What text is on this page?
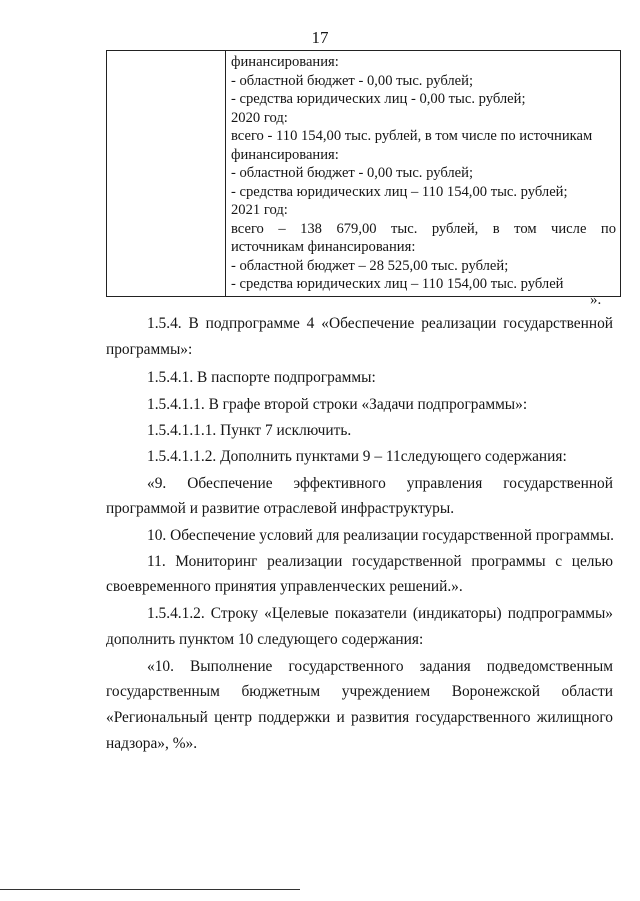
17

финансирования:
- областной бюджет - 0,00 тыс. рублей;
- средства юридических лиц - 0,00 тыс. рублей;
2020 год:
всего - 110 154,00 тыс. рублей, в том числе по источникам
финансирования:
- областной бюджет - 0,00 тыс. рублей;
- средства юридических лиц – 110 154,00 тыс. рублей;
2021 год:
всего – 138 679,00 тыс. рублей, в том числе по
источникам финансирования:
- областной бюджет – 28 525,00 тыс. рублей;
- средства юридических лиц – 110 154,00 тыс. рублей
».
1.5.4. В подпрограмме 4 «Обеспечение реализации государственной
программы»:
1.5.4.1. В паспорте подпрограммы:
1.5.4.1.1. В графе второй строки «Задачи подпрограммы»:
1.5.4.1.1.1. Пункт 7 исключить.
1.5.4.1.1.2. Дополнить пунктами 9 – 11следующего содержания:
«9. Обеспечение эффективного управления государственной
программой и развитие отраслевой инфраструктуры.
10. Обеспечение условий для реализации государственной программы.
11. Мониторинг реализации государственной программы с целью
своевременного принятия управленческих решений.».
1.5.4.1.2. Строку «Целевые показатели (индикаторы) подпрограммы»
дополнить пунктом 10 следующего содержания:
«10. Выполнение государственного задания подведомственным
государственным бюджетным учреждением Воронежской области
«Региональный центр поддержки и развития государственного жилищного
надзора», %».
